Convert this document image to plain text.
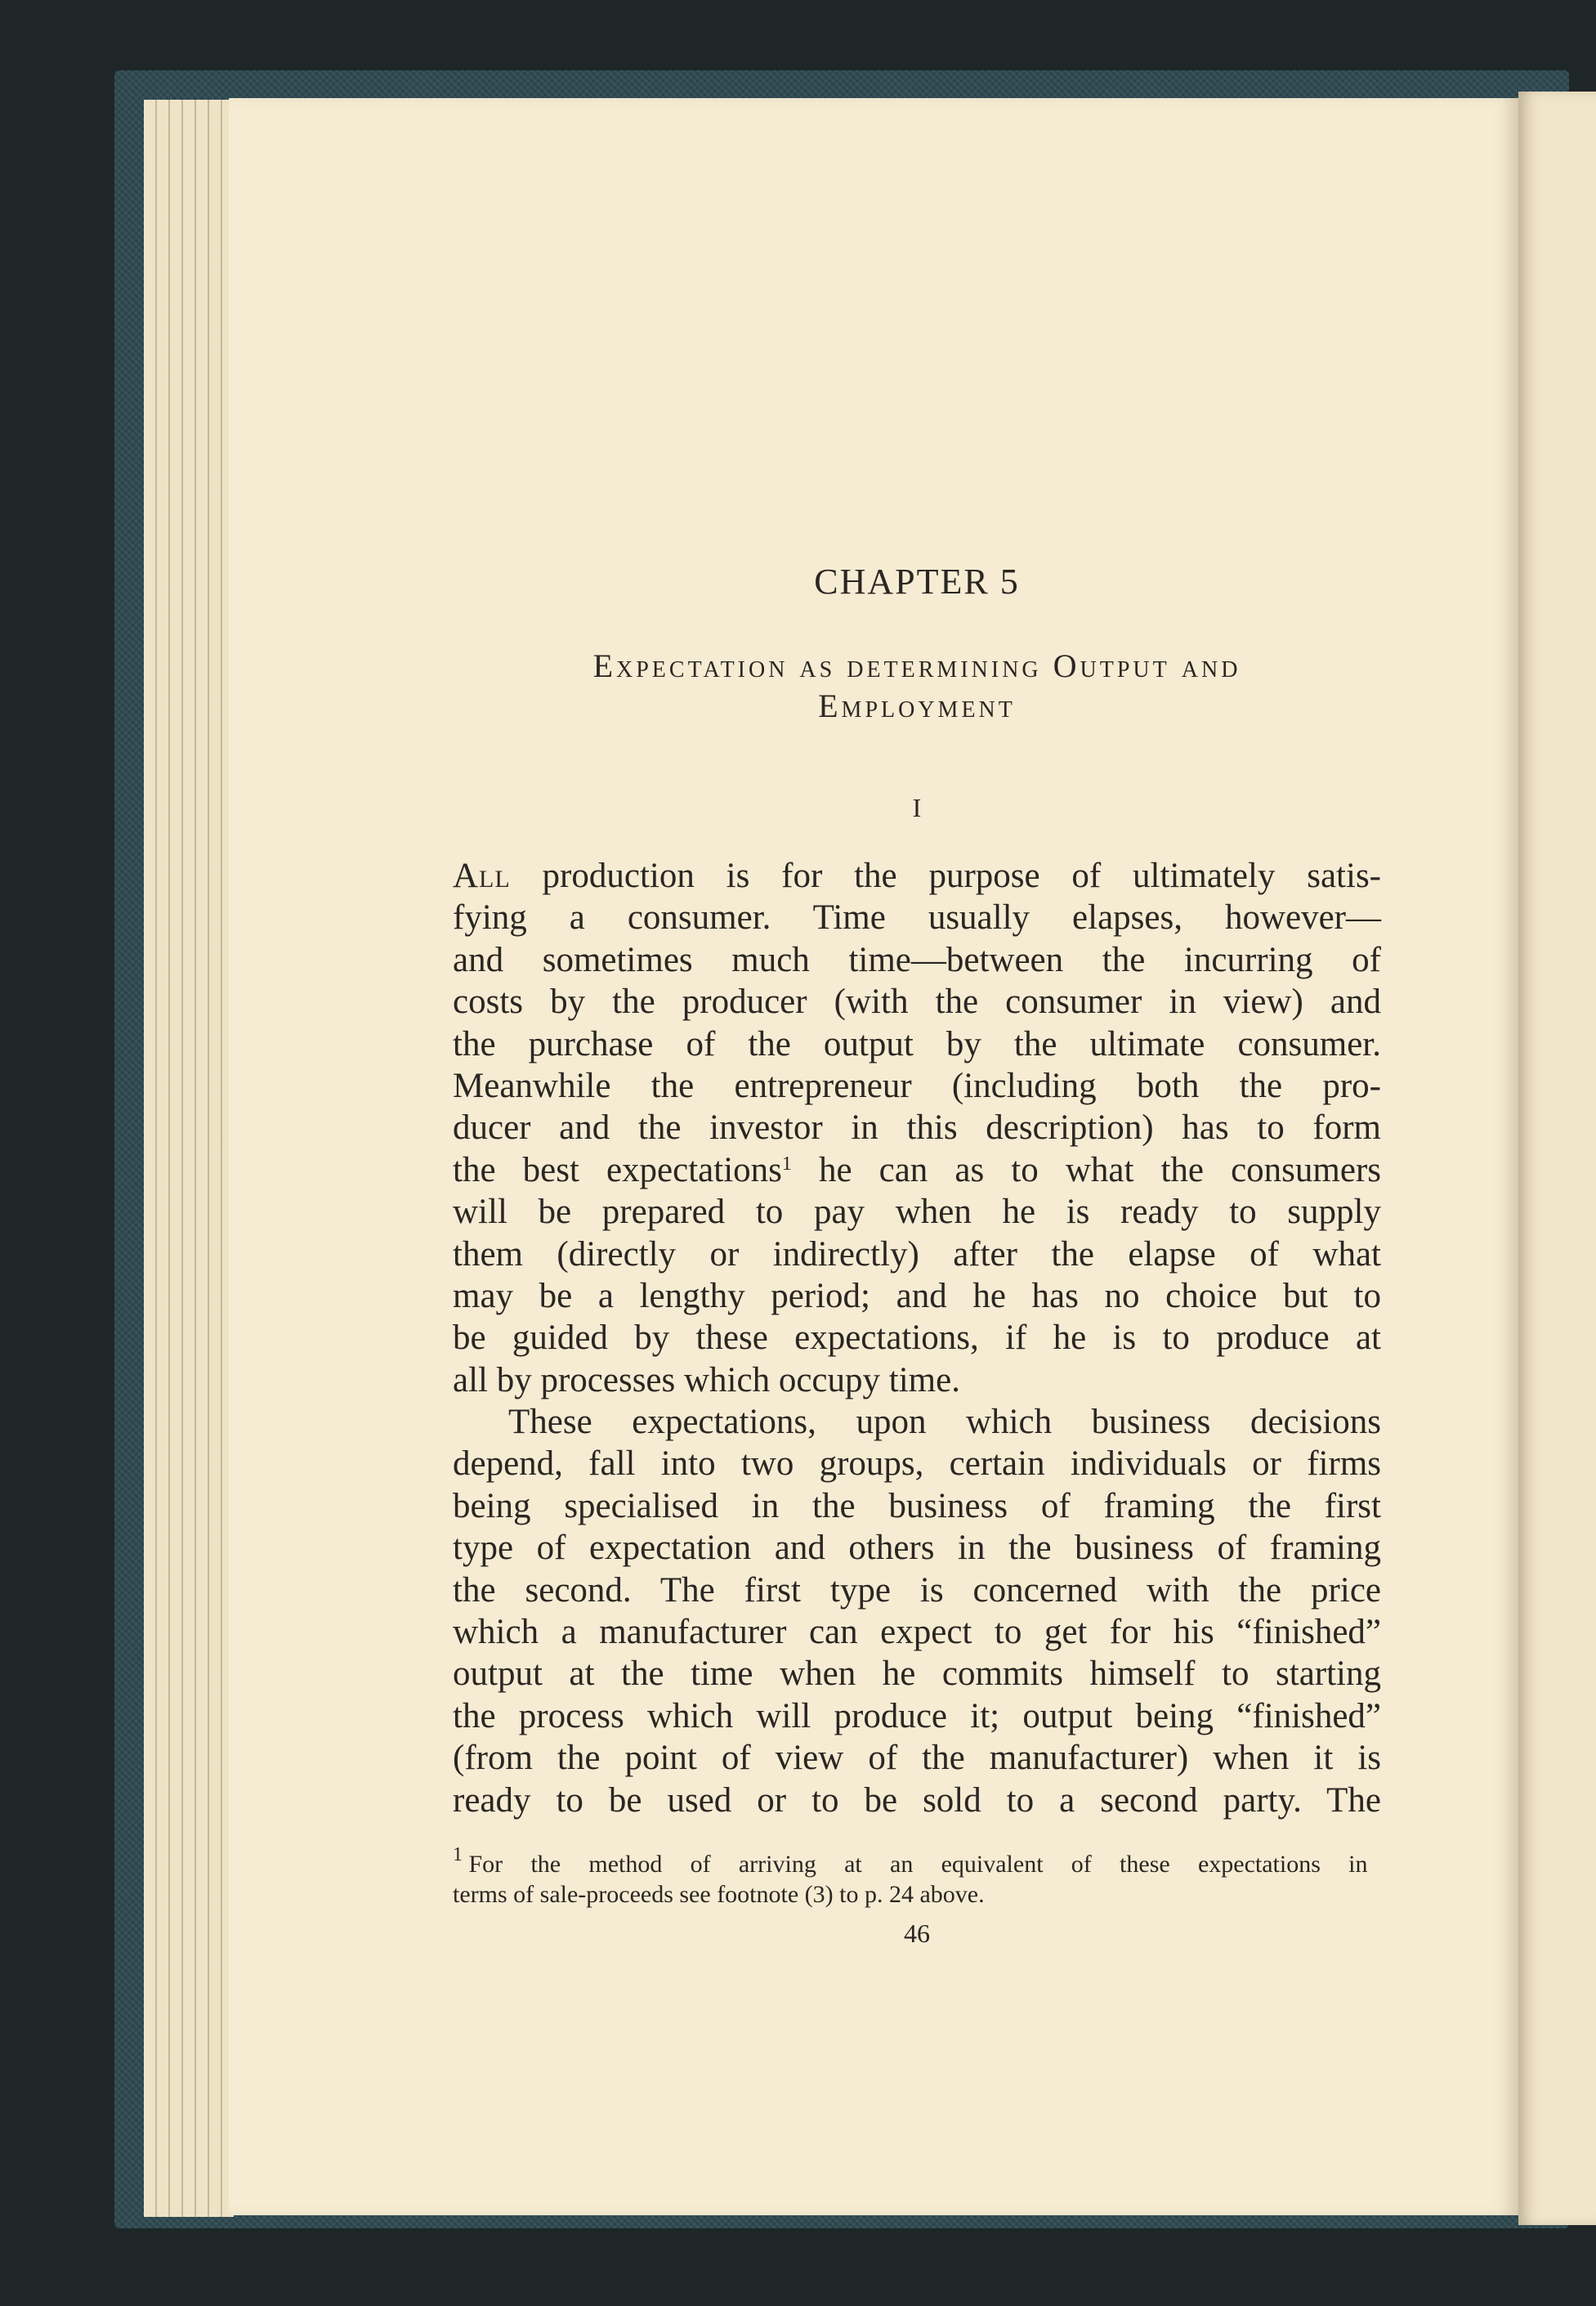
CHAPTER 5
Expectation as determining Output and
Employment
I
All production is for the purpose of ultimately satis-
fying a consumer. Time usually elapses, however—
and sometimes much time—between the incurring of
costs by the producer (with the consumer in view) and
the purchase of the output by the ultimate consumer.
Meanwhile the entrepreneur (including both the pro-
ducer and the investor in this description) has to form
the best expectations$^1$ he can as to what the consumers
will be prepared to pay when he is ready to supply
them (directly or indirectly) after the elapse of what
may be a lengthy period; and he has no choice but to
be guided by these expectations, if he is to produce at
all by processes which occupy time.
These expectations, upon which business decisions
depend, fall into two groups, certain individuals or firms
being specialised in the business of framing the first
type of expectation and others in the business of framing
the second. The first type is concerned with the price
which a manufacturer can expect to get for his “finished”
output at the time when he commits himself to starting
the process which will produce it; output being “finished”
(from the point of view of the manufacturer) when it is
ready to be used or to be sold to a second party. The
$^1$ For the method of arriving at an equivalent of these expectations in
terms of sale-proceeds see footnote (3) to p. 24 above.
46
